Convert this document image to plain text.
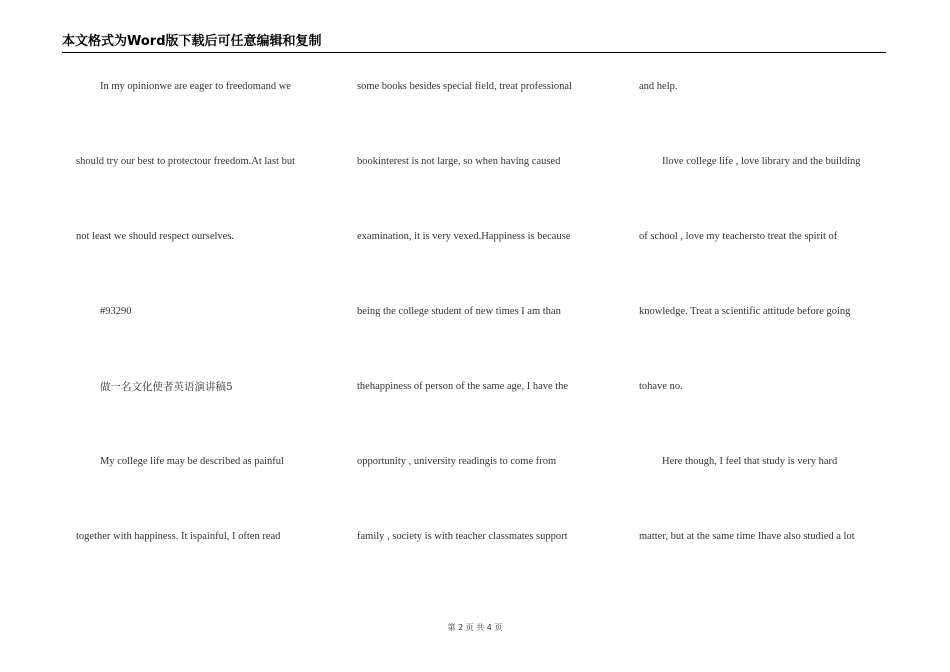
本文格式为Word版下载后可任意编辑和复制
In my opinionwe are eager to freedomand we
should try our best to protectour freedom.At last but
not least we should respect ourselves.
#93290
做一名文化使者英语演讲稿5
My college life may be described as painful
together with happiness. It ispainful, I often read
some books besides special field, treat professional
bookinterest is not large, so when having caused
examination, it is very vexed.Happiness is because
being the college student of new times I am than
thehappiness of person of the same age, I have the
opportunity , university readingis to come from
family , society is with teacher classmates support
and help.
Ilove college life , love library and the building
of school , love my teachersto treat the spirit of
knowledge. Treat a scientific attitude before going
tohave no.
Here though, I feel that study is very hard
matter, but at the same time Ihave also studied a lot
第 2 页 共 4 页
